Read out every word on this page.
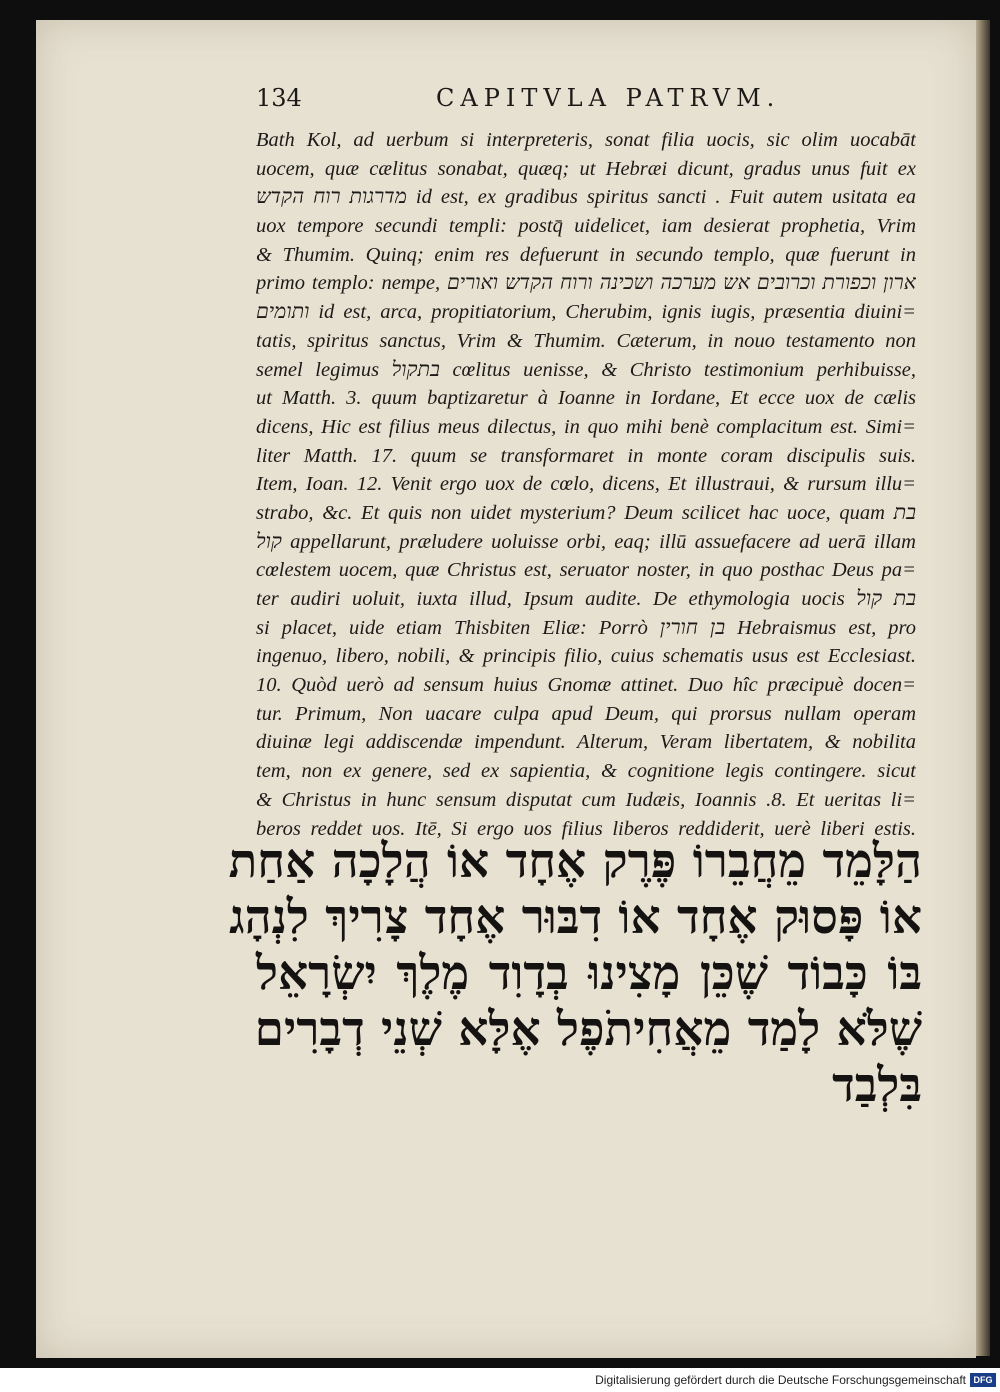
134	CAPITVLA PATRVM.
Bath Kol, ad uerbum si interpreteris, sonat filia uocis, sic olim uocabāt
uocem, quæ cælitus sonabat, quæq; ut Hebræi dicunt, gradus unus fuit ex
מדרגות רוח הקדש id est, ex gradibus spiritus sancti . Fuit autem usitata ea
uox tempore secundi templi: postq̄ uidelicet, iam desierat prophetia, Vrim
& Thumim. Quinq; enim res defuerunt in secundo templo, quæ fuerunt in
primo templo: nempe, ארון וכפורת וכרובים אש מערכה ושכינה ורוח הקדש ואורים
ותומים id est, arca, propitiatorium, Cherubim, ignis iugis, præsentia diuini=
tatis, spiritus sanctus, Vrim & Thumim. Cæterum, in nouo testamento non
semel legimus בתקול cœlitus uenisse, & Christo testimonium perhibuisse,
ut Matth. 3. quum baptizaretur à Ioanne in Iordane, Et ecce uox de cælis
dicens, Hic est filius meus dilectus, in quo mihi benè complacitum est. Simi=
liter Matth. 17. quum se transformaret in monte coram discipulis suis.
Item, Ioan. 12. Venit ergo uox de cœlo, dicens, Et illustraui, & rursum illu=
strabo, &c. Et quis non uidet mysterium? Deum scilicet hac uoce, quam בת
קול appellarunt, præludere uoluisse orbi, eaq; illū assuefacere ad uerā illam
cœlestem uocem, quæ Christus est, seruator noster, in quo posthac Deus pa=
ter audiri uoluit, iuxta illud, Ipsum audite. De ethymologia uocis בת קול
si placet, uide etiam Thisbiten Eliæ: Porrò בן חורין Hebraismus est, pro
ingenuo, libero, nobili, & principis filio, cuius schematis usus est Ecclesiast.
10. Quòd uerò ad sensum huius Gnomæ attinet. Duo hîc præcipuè docen=
tur. Primum, Non uacare culpa apud Deum, qui prorsus nullam operam
diuinæ legi addiscendæ impendunt. Alterum, Veram libertatem, & nobilita
tem, non ex genere, sed ex sapientia, & cognitione legis contingere. sicut
& Christus in hunc sensum disputat cum Iudæis, Ioannis .8. Et ueritas li=
beros reddet uos. Itē, Si ergo uos filius liberos reddiderit, uerè liberi estis.
הַלָּמֵד מֵחֲבֵרוֹ פֶּרֶק אֶחָד אוֹ הֲלָכָה אַחַת
אוֹ פָּסוּק אֶחָד אוֹ דִבּוּר אֶחָד צָרִיךְ לִנְהָג
בּוֹ כָּבוֹד שֶׁכֵּן מָצִינוּ בְדָוִד מֶלֶךְ יִשְׂרָאֵל
שֶׁלֹּא לָמַד מֵאֲחִיתֹפֶל אֶלָּא שְׁנֵי דְבָרִים
בִּלְבַד
Digitalisierung gefördert durch die Deutsche Forschungsgemeinschaft DFG
